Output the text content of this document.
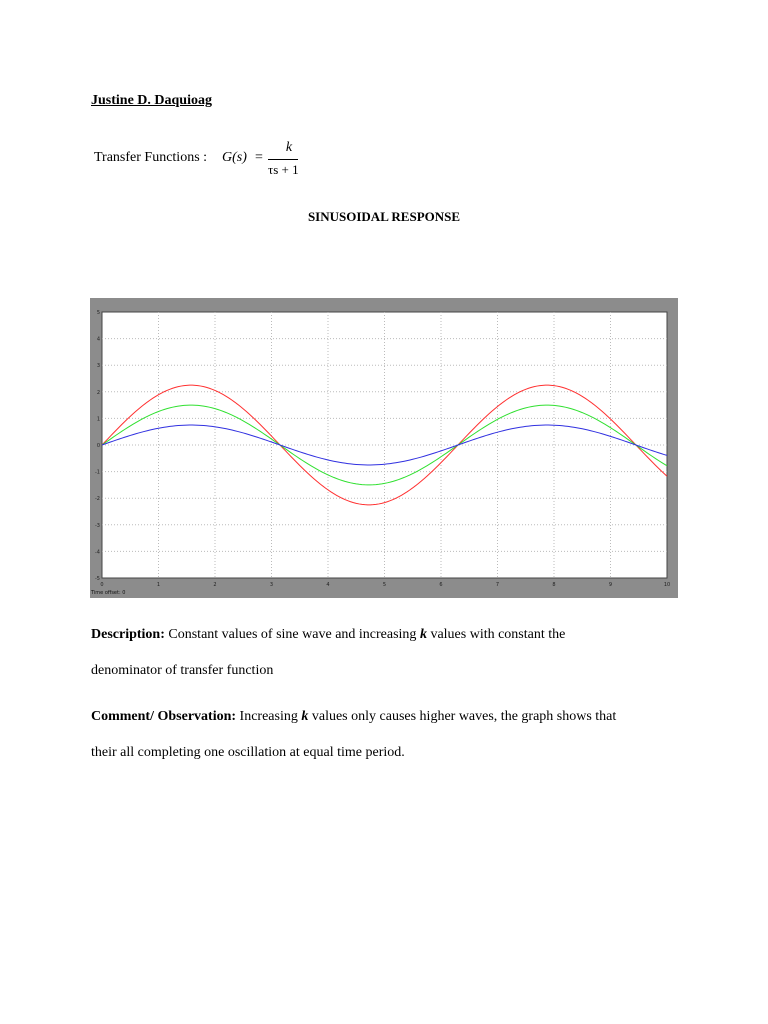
Justine D. Daquioag
Transfer Functions : G(s) =
k
τs + 1
SINUSOIDAL RESPONSE
0	1	2	3	4	5	6	7	8	9	10
5
4
3
2
1
0
-1
-2
-3
-4
-5
Time offset: 0
Description: Constant values of sine wave and increasing k values with constant the
denominator of transfer function
Comment/ Observation: Increasing k values only causes higher waves, the graph shows that
their all completing one oscillation at equal time period.
